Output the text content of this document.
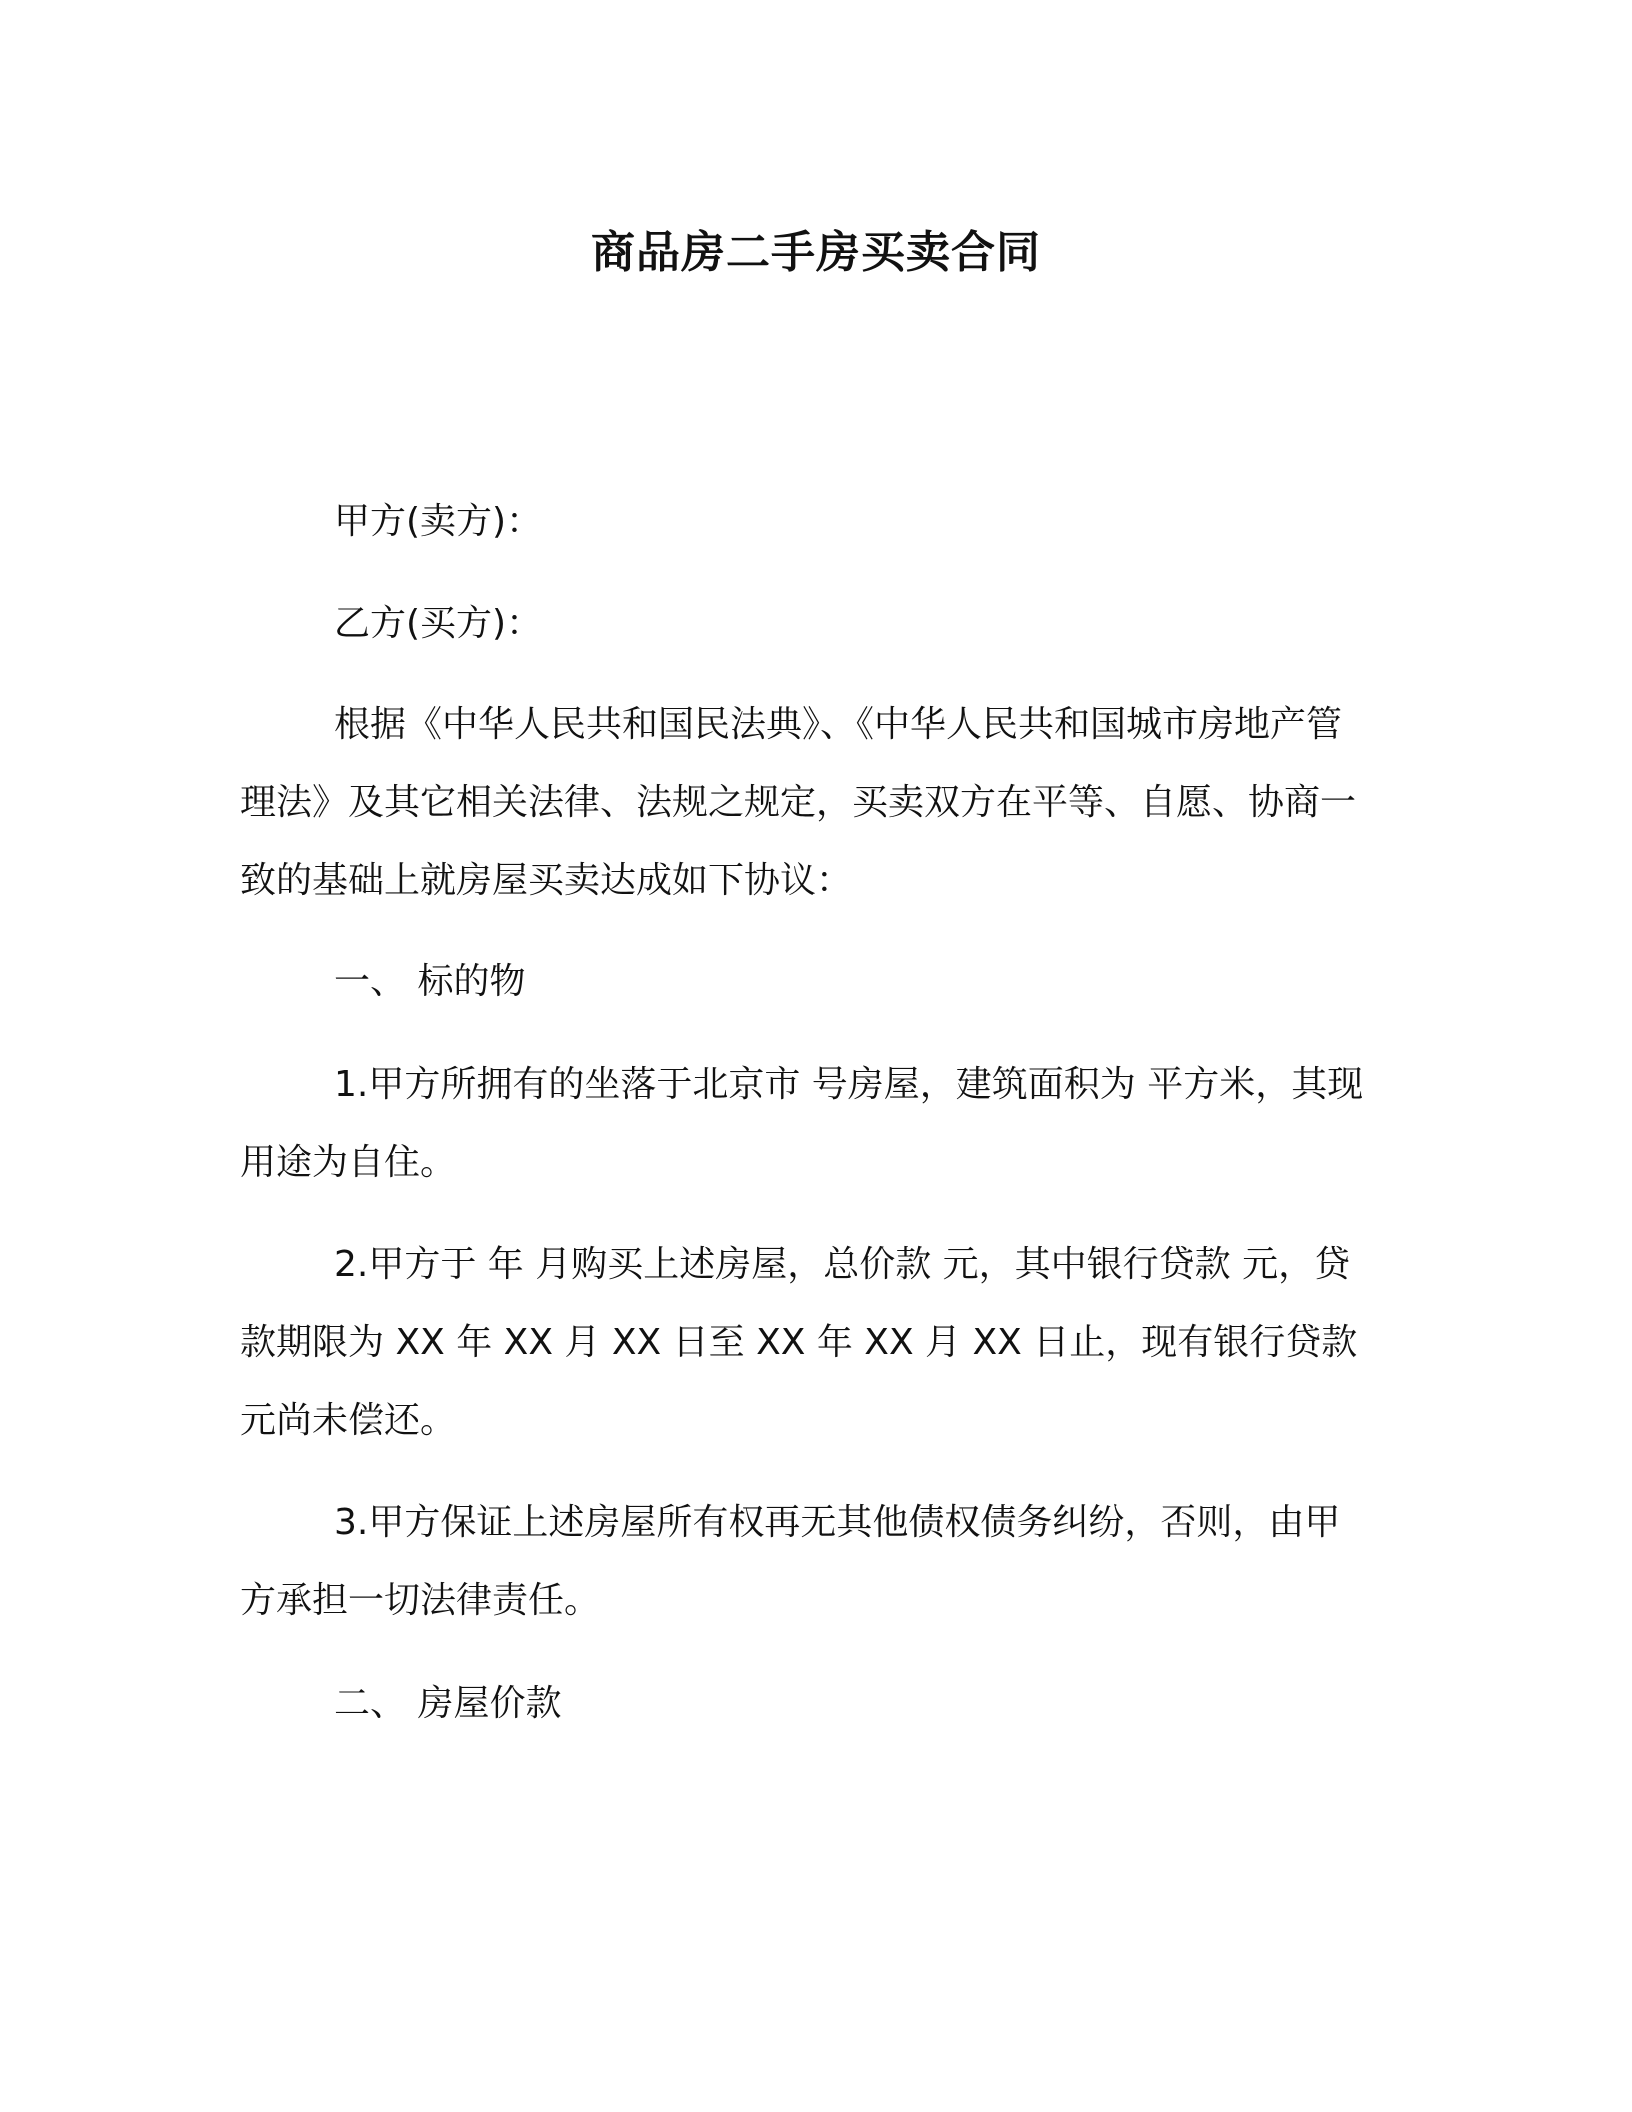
商品房二手房买卖合同

甲方(卖方)：

乙方(买方)：

根据《中华人民共和国民法典》、《中华人民共和国城市房地产管理法》及其它相关法律、法规之规定，买卖双方在平等、自愿、协商一致的基础上就房屋买卖达成如下协议：

一、 标的物

1.甲方所拥有的坐落于北京市 号房屋，建筑面积为 平方米，其现用途为自住。

2.甲方于 年 月购买上述房屋，总价款 元，其中银行贷款 元，贷款期限为 XX 年 XX 月 XX 日至 XX 年 XX 月 XX 日止，现有银行贷款 元尚未偿还。

3.甲方保证上述房屋所有权再无其他债权债务纠纷，否则，由甲方承担一切法律责任。

二、 房屋价款
